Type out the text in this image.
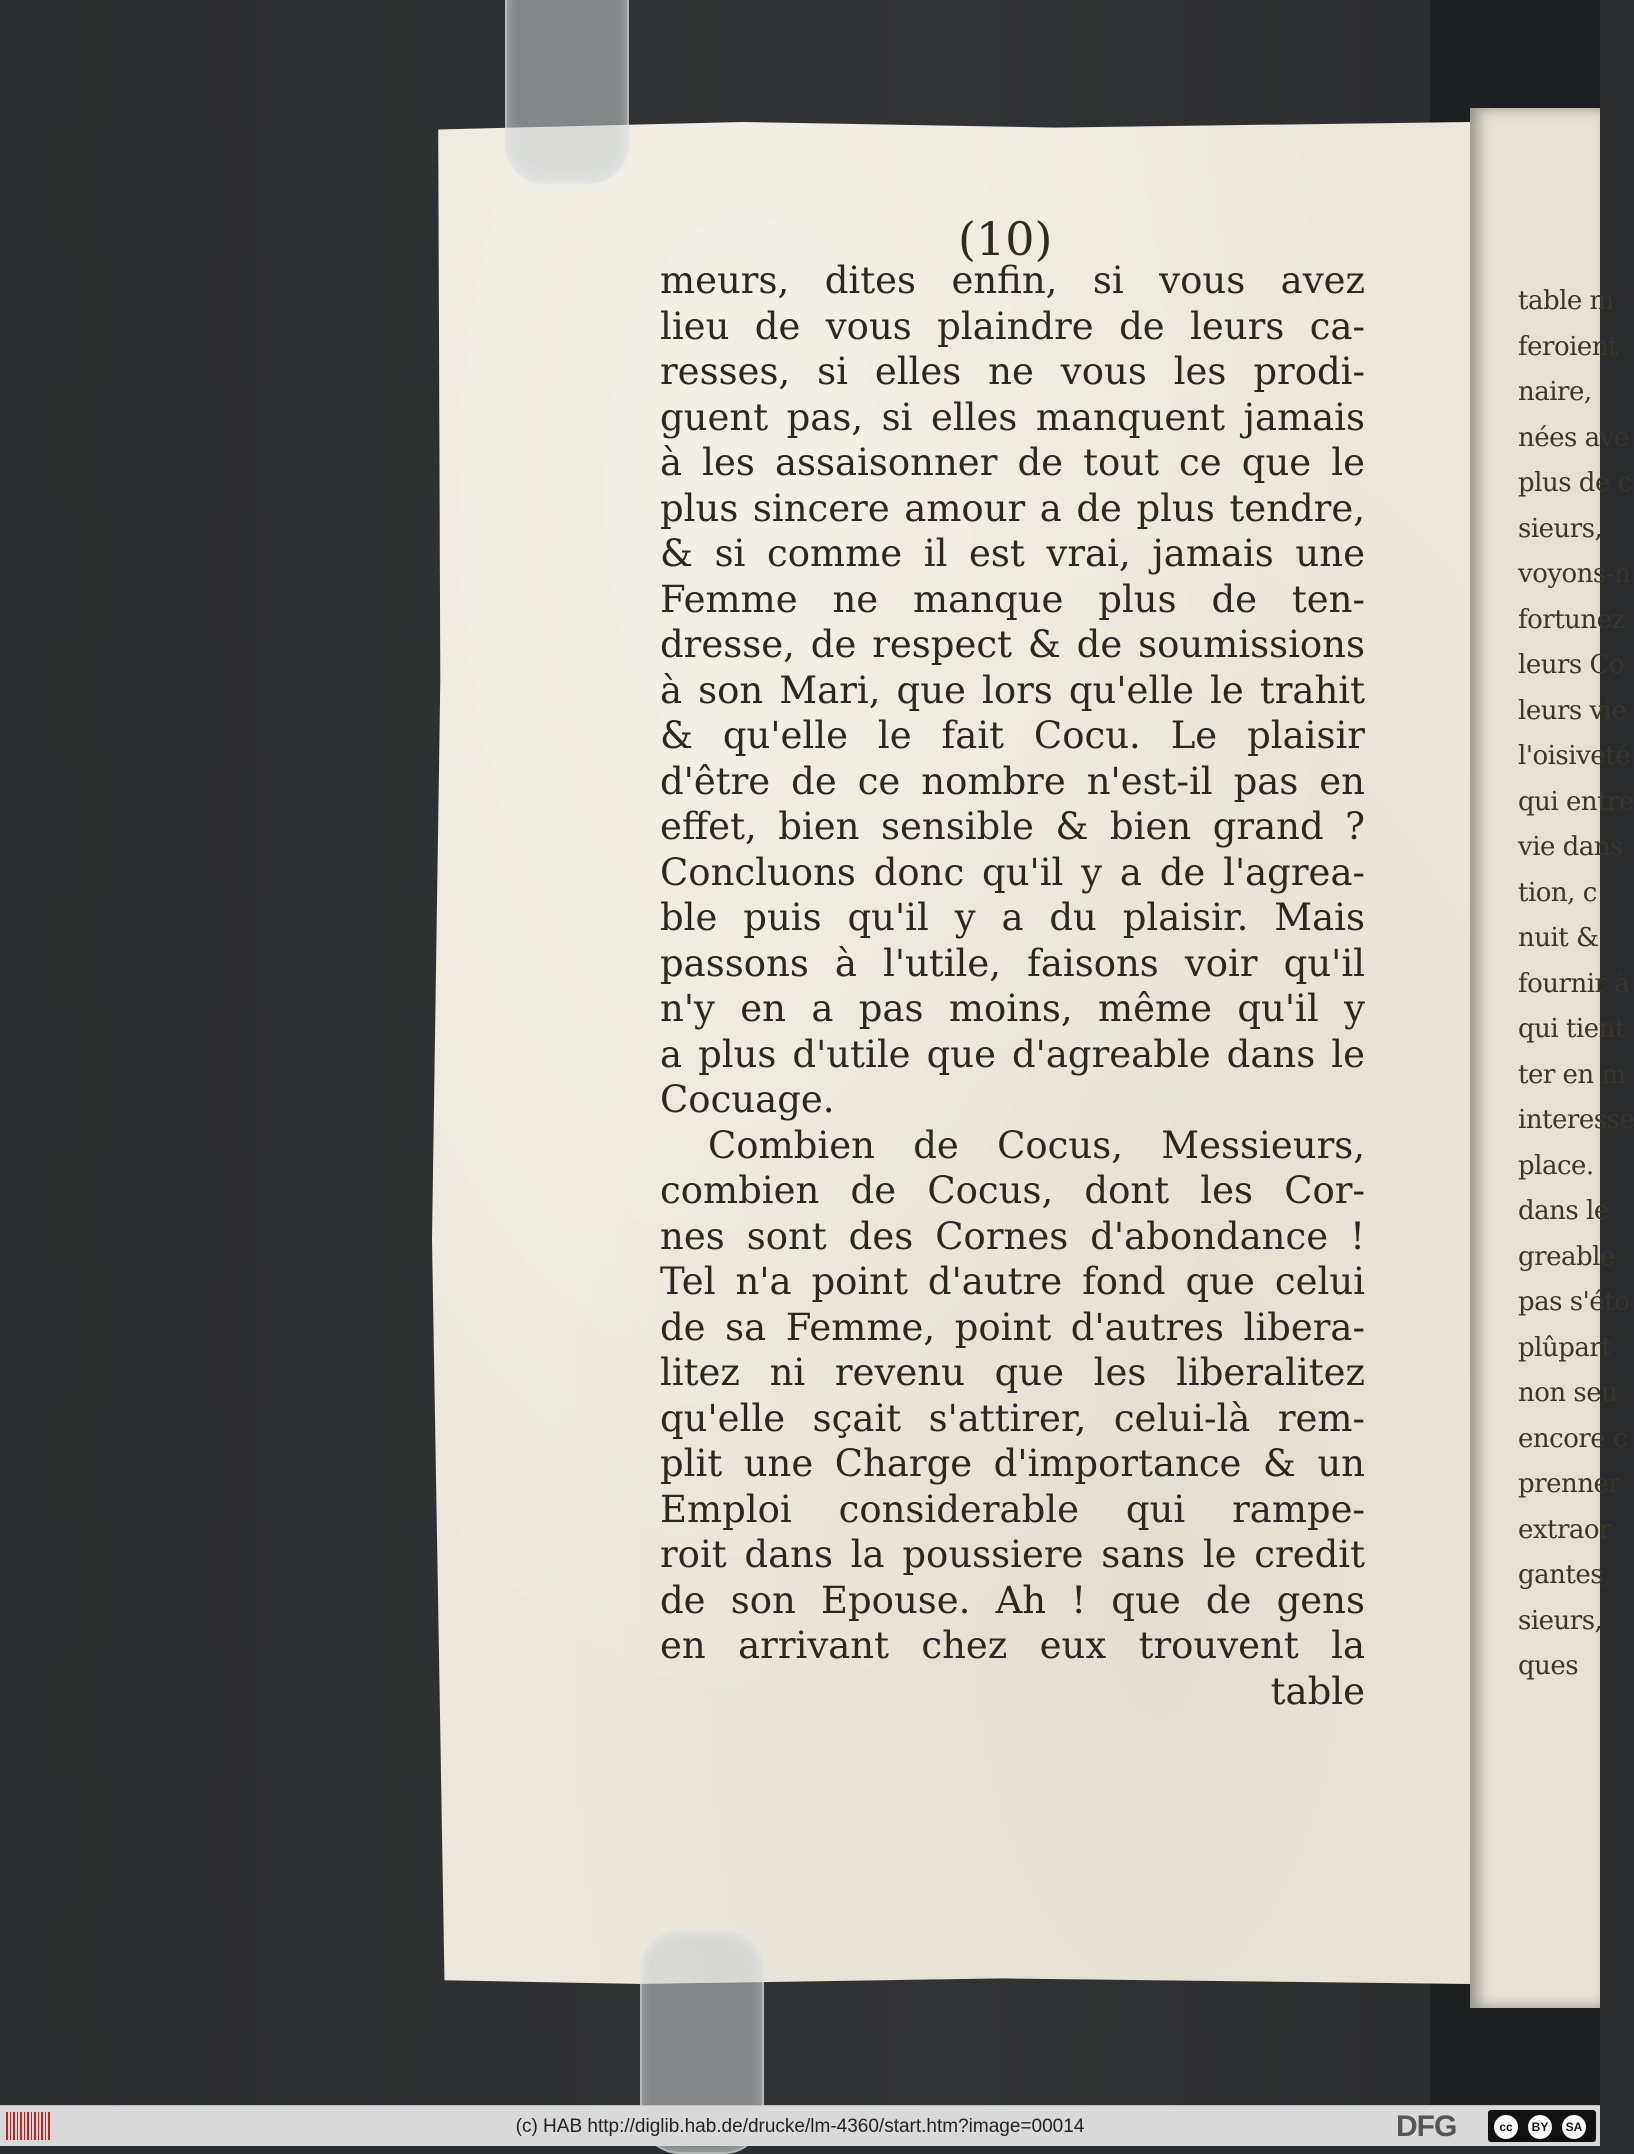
table m
feroient
naire,
nées ave
plus de c
sieurs,
voyons-n
fortunez
leurs Co
leurs vie
l'oisiveté
qui entre
vie dans
tion, c
nuit &
fournir à
qui tient
ter en m
interesse
place.
dans le
greable
pas s'éto
plûpart
non seu
encore c
prenner
extraor
gantes,
sieurs,
ques
(10)
meurs, dites enfin, si vous avez
lieu de vous plaindre de leurs ca-
resses, si elles ne vous les prodi-
guent pas, si elles manquent jamais
à les assaisonner de tout ce que le
plus sincere amour a de plus tendre,
& si comme il est vrai, jamais une
Femme ne manque plus de ten-
dresse, de respect & de soumissions
à son Mari, que lors qu'elle le trahit
& qu'elle le fait Cocu. Le plaisir
d'être de ce nombre n'est-il pas en
effet, bien sensible & bien grand ?
Concluons donc qu'il y a de l'agrea-
ble puis qu'il y a du plaisir. Mais
passons à l'utile, faisons voir qu'il
n'y en a pas moins, même qu'il y
a plus d'utile que d'agreable dans le
Cocuage.
Combien de Cocus, Messieurs,
combien de Cocus, dont les Cor-
nes sont des Cornes d'abondance !
Tel n'a point d'autre fond que celui
de sa Femme, point d'autres libera-
litez ni revenu que les liberalitez
qu'elle sçait s'attirer, celui-là rem-
plit une Charge d'importance & un
Emploi considerable qui rampe-
roit dans la poussiere sans le credit
de son Epouse. Ah ! que de gens
en arrivant chez eux trouvent la
table
(c) HAB http://diglib.hab.de/drucke/lm-4360/start.htm?image=00014	DFG	cc	BY	SA
